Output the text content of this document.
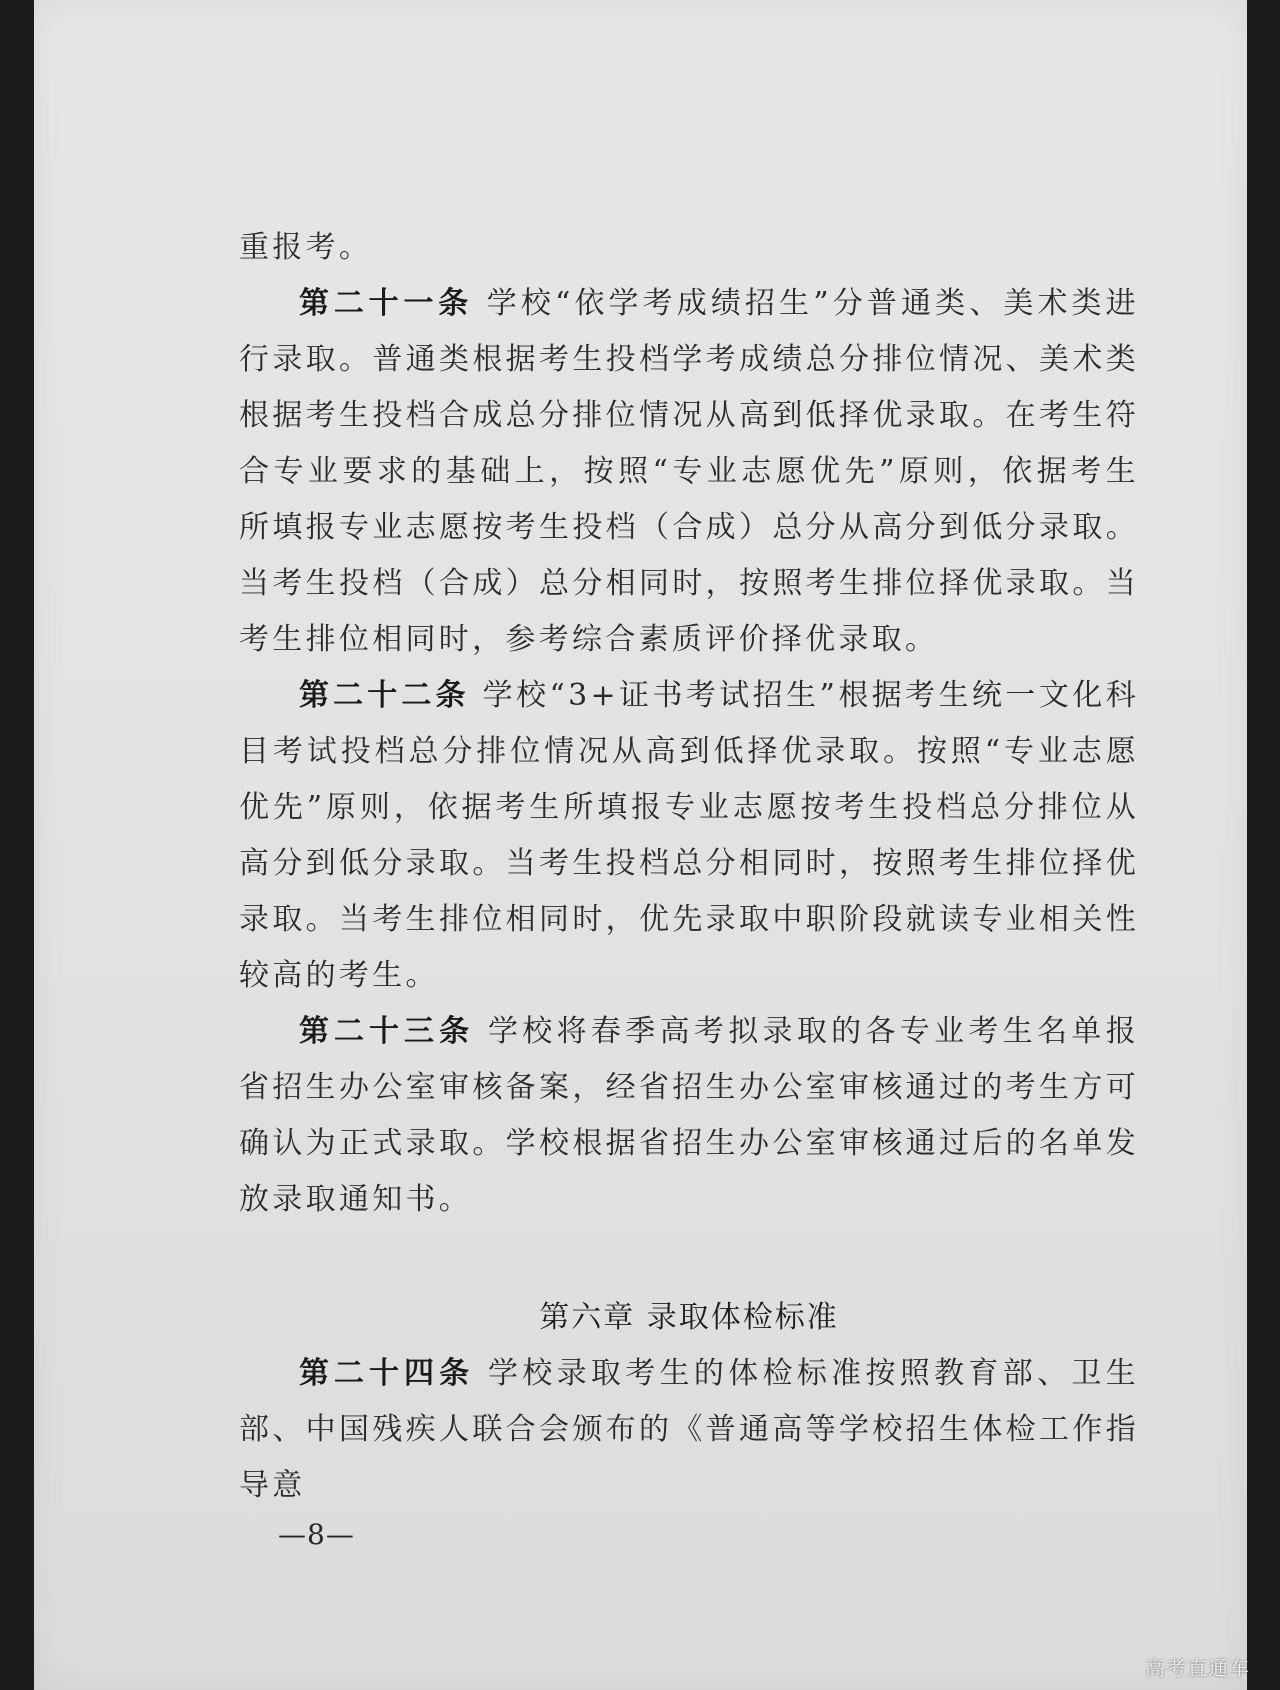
重报考。

第二十一条 学校“依学考成绩招生”分普通类、美术类进行录取。普通类根据考生投档学考成绩总分排位情况、美术类根据考生投档合成总分排位情况从高到低择优录取。在考生符合专业要求的基础上，按照“专业志愿优先”原则，依据考生所填报专业志愿按考生投档（合成）总分从高分到低分录取。当考生投档（合成）总分相同时，按照考生排位择优录取。当考生排位相同时，参考综合素质评价择优录取。

第二十二条 学校“3+证书考试招生”根据考生统一文化科目考试投档总分排位情况从高到低择优录取。按照“专业志愿优先”原则，依据考生所填报专业志愿按考生投档总分排位从高分到低分录取。当考生投档总分相同时，按照考生排位择优录取。当考生排位相同时，优先录取中职阶段就读专业相关性较高的考生。

第二十三条 学校将春季高考拟录取的各专业考生名单报省招生办公室审核备案，经省招生办公室审核通过的考生方可确认为正式录取。学校根据省招生办公室审核通过后的名单发放录取通知书。

第六章 录取体检标准

第二十四条 学校录取考生的体检标准按照教育部、卫生部、中国残疾人联合会颁布的《普通高等学校招生体检工作指导意

—8—
高考直通车
